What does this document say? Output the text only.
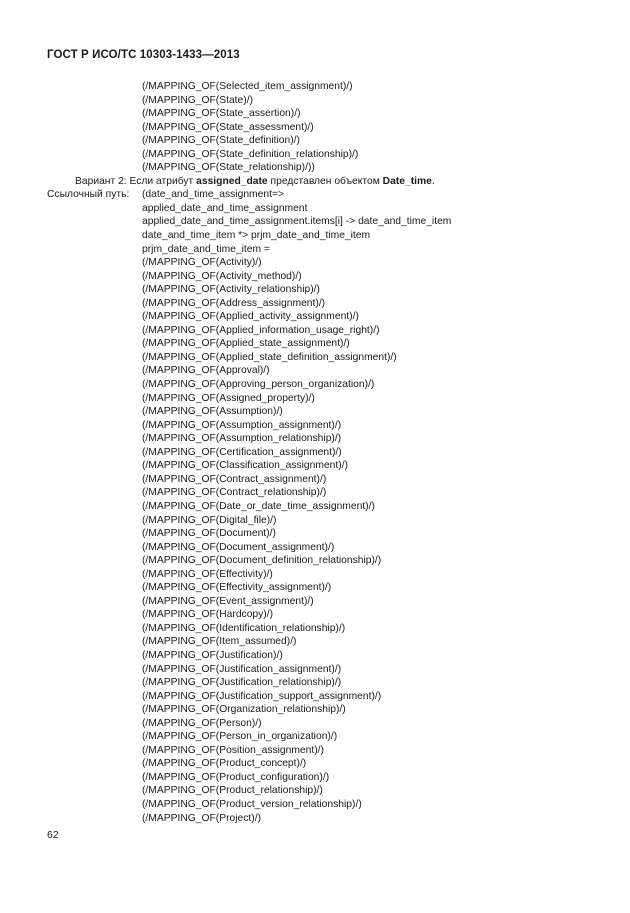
ГОСТ Р ИСО/ТС 10303-1433—2013
(/MAPPING_OF(Selected_item_assignment)/)
(/MAPPING_OF(State)/)
(/MAPPING_OF(State_assertion)/)
(/MAPPING_OF(State_assessment)/)
(/MAPPING_OF(State_definition)/)
(/MAPPING_OF(State_definition_relationship)/)
(/MAPPING_OF(State_relationship)/))
Вариант 2: Если атрибут assigned_date представлен объектом Date_time.
Ссылочный путь: (date_and_time_assignment=>
applied_date_and_time_assignment
applied_date_and_time_assignment.items[i] -> date_and_time_item
date_and_time_item *> prjm_date_and_time_item
prjm_date_and_time_item =
(/MAPPING_OF(Activity)/)
(/MAPPING_OF(Activity_method)/)
(/MAPPING_OF(Activity_relationship)/)
(/MAPPING_OF(Address_assignment)/)
(/MAPPING_OF(Applied_activity_assignment)/)
(/MAPPING_OF(Applied_information_usage_right)/)
(/MAPPING_OF(Applied_state_assignment)/)
(/MAPPING_OF(Applied_state_definition_assignment)/)
(/MAPPING_OF(Approval)/)
(/MAPPING_OF(Approving_person_organization)/)
(/MAPPING_OF(Assigned_property)/)
(/MAPPING_OF(Assumption)/)
(/MAPPING_OF(Assumption_assignment)/)
(/MAPPING_OF(Assumption_relationship)/)
(/MAPPING_OF(Certification_assignment)/)
(/MAPPING_OF(Classification_assignment)/)
(/MAPPING_OF(Contract_assignment)/)
(/MAPPING_OF(Contract_relationship)/)
(/MAPPING_OF(Date_or_date_time_assignment)/)
(/MAPPING_OF(Digital_file)/)
(/MAPPING_OF(Document)/)
(/MAPPING_OF(Document_assignment)/)
(/MAPPING_OF(Document_definition_relationship)/)
(/MAPPING_OF(Effectivity)/)
(/MAPPING_OF(Effectivity_assignment)/)
(/MAPPING_OF(Event_assignment)/)
(/MAPPING_OF(Hardcopy)/)
(/MAPPING_OF(Identification_relationship)/)
(/MAPPING_OF(Item_assumed)/)
(/MAPPING_OF(Justification)/)
(/MAPPING_OF(Justification_assignment)/)
(/MAPPING_OF(Justification_relationship)/)
(/MAPPING_OF(Justification_support_assignment)/)
(/MAPPING_OF(Organization_relationship)/)
(/MAPPING_OF(Person)/)
(/MAPPING_OF(Person_in_organization)/)
(/MAPPING_OF(Position_assignment)/)
(/MAPPING_OF(Product_concept)/)
(/MAPPING_OF(Product_configuration)/)
(/MAPPING_OF(Product_relationship)/)
(/MAPPING_OF(Product_version_relationship)/)
(/MAPPING_OF(Project)/)
62
